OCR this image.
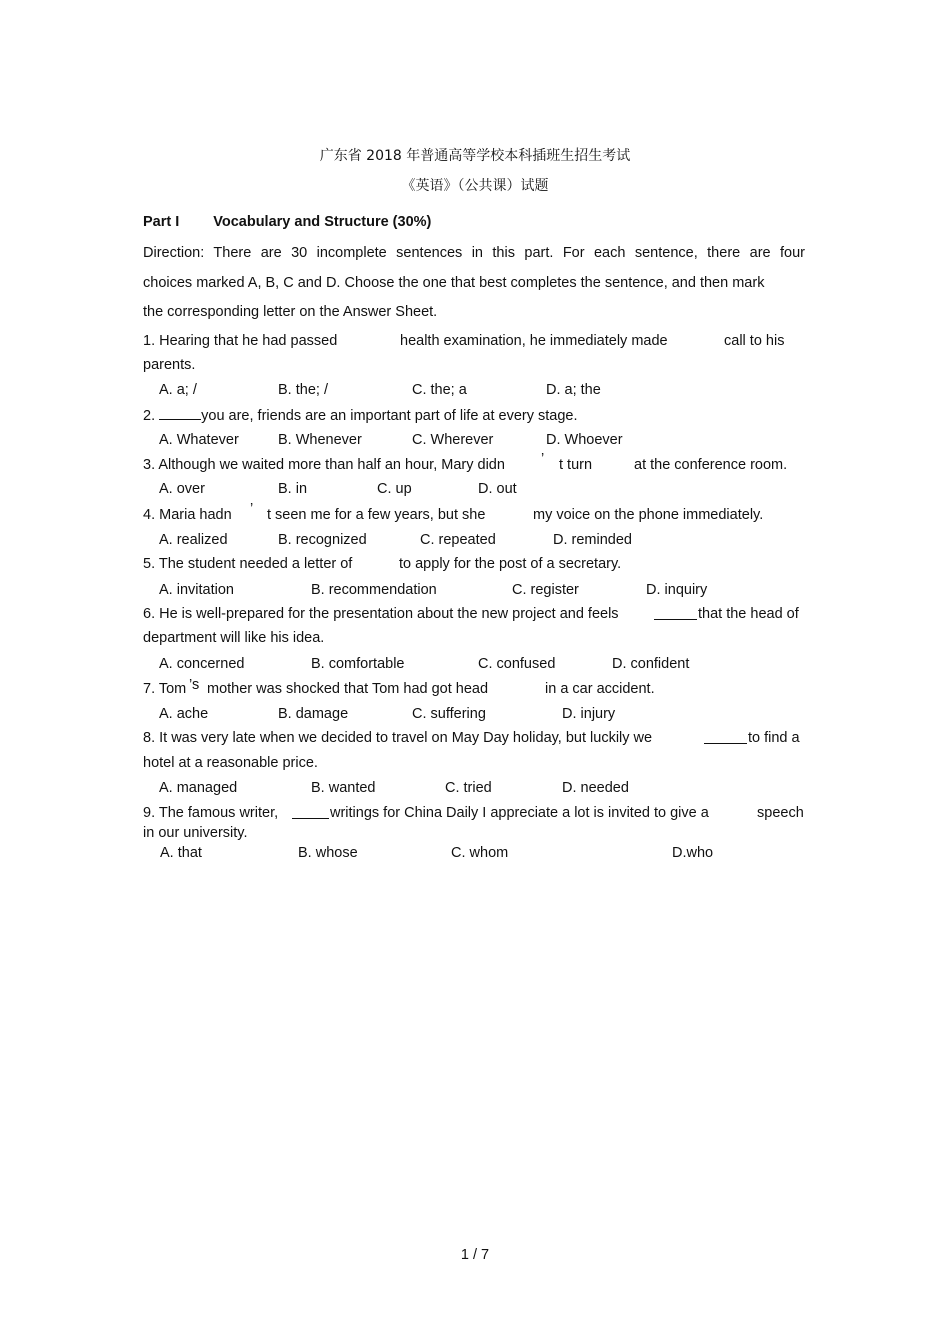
广东省 2018 年普通高等学校本科插班生招生考试
《英语》（公共课）试题
Part I Vocabulary and Structure (30%)
Direction: There are 30 incomplete sentences in this part. For each sentence, there are four
choices marked A, B, C and D. Choose the one that best completes the sentence, and then mark
the corresponding letter on the Answer Sheet.
1. Hearing that he had passed	health examination, he immediately made	call to his
parents.
A. a; /	B. the; /	C. the; a	D. a; the
2.	you are, friends are an important part of life at every stage.
A. Whatever	B. Whenever	C. Wherever	D. Whoever
3. Although we waited more than half an hour, Mary didn ’ t turn	at the conference room.
A. over	B. in	C. up	D. out
4. Maria hadn ’ t seen me for a few years, but she	my voice on the phone immediately.
A. realized	B. recognized	C. repeated	D. reminded
5. The student needed a letter of	to apply for the post of a secretary.
A. invitation	B. recommendation	C. register	D. inquiry
6. He is well-prepared for the presentation about the new project and feels	that the head of
department will like his idea.
A. concerned	B. comfortable	C. confused	D. confident
7. Tom ’s mother was shocked that Tom had got head	in a car accident.
A. ache	B. damage	C. suffering	D. injury
8. It was very late when we decided to travel on May Day holiday, but luckily we	to find a
hotel at a reasonable price.
A. managed	B. wanted	C. tried	D. needed
9. The famous writer,	writings for China Daily I appreciate a lot is invited to give a	speech
in our university.
A. that	B. whose	C. whom	D.who
1 / 7
